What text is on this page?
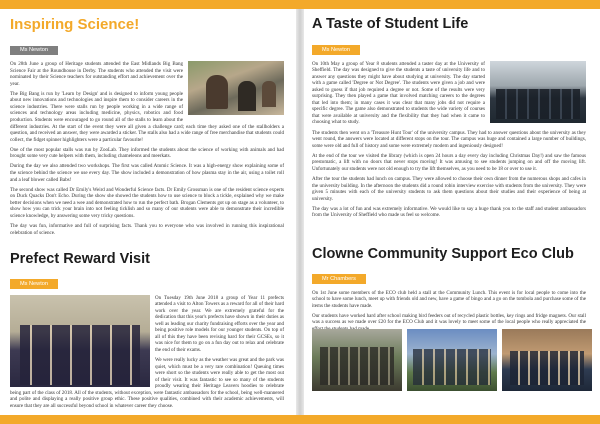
Inspiring Science!
Ms Newton

On 28th June a group of Heritage students attended the East Midlands Big Bang Science Fair at the Roundhouse in Derby. The students who attended the visit were nominated by their Science teachers for outstanding effort and achievement over the year.

The Big Bang is run by 'Learn by Design' and is designed to inform young people about new innovations and technologies and inspire them to consider careers in the science industries. There were stalls run by people working in a wide range of sciences and technology areas including medicine, physics, robotics and food production. Students were encouraged to go round all of the stalls to learn about the different industries. At the start of the event they were all given a challenge card; each time they asked one of the stallholders a question, and received an answer, they were awarded a sticker. The stalls also had a wide range of free merchandise that students could collect, the fidget spinner highlighters were a particular favourite!

One of the most popular stalls was run by ZooLab. They informed the students about the science of working with animals and had brought some very cute helpers with them, including chameleons and meerkats.

During the day we also attended two workshops. The first was called Atomic Science. It was a high-energy show explaining some of the science behind the science we use every day. The show included a demonstration of how plasma stay in the air, using a toilet roll and a leaf blower called Babs!

The second show was called Dr Emily's Weird and Wonderful Science facts. Dr Emily Grossman is one of the resident science experts on Duck Quacks Don't Echo. During the show she showed the students how to use science to block a tickle, explained why we make better decisions when we need a wee and demonstrated how to run the perfect bath. Brogan Clements got up on stage as a volunteer, to show how you can trick your brain into not feeling ticklish and so many of our students were able to demonstrate their incredible science knowledge, by answering some very tricky questions.

The day was fun, informative and full of surprising facts. Thank you to everyone who was involved in running this inspirational celebration of science.

Prefect Reward Visit
Ms Newton

On Tuesday 19th June 2018 a group of Year 11 prefects attended a visit to Alton Towers as a reward for all of their hard work over the year. We are extremely grateful for the dedication that this year's prefects have shown in their duties as well as leading our charity fundraising efforts over the year and being positive role models for our younger students. On top of all of this they have been revising hard for their GCSEs, so it was nice for them to go on a fun day out to relax and celebrate the end of their exams.

We were really lucky as the weather was great and the park was quiet, which must be a very rare combination! Queuing times were short so the students were really able to get the most out of their visit. It was fantastic to see so many of the students proudly wearing their Heritage Leavers hoodies to celebrate being part of the class of 2018. All of the students, without exception, were fantastic ambassadors for the school, being well-mannered and polite and displaying a really positive group ethic. These positive qualities, combined with their academic achievements, will ensure that they are all successful beyond school in whatever career they choose.

A Taste of Student Life
Ms Newton

On 10th May a group of Year 8 students attended a taster day at the University of Sheffield. The day was designed to give the students a taste of university life and to answer any questions they might have about studying at university. The day started with a game called 'Degree or Not Degree'. The students were given a job and were asked to guess if that job required a degree or not. Some of the results were very surprising. They then played a game that involved matching careers to the degrees that led into them; in many cases it was clear that many jobs did not require a specific degree. The game also demonstrated to students the wide variety of courses that were available at university and the flexibility that they had when it came to choosing what to study.

The students then went on a 'Treasure Hunt Tour' of the university campus. They had to answer questions about the university as they went round, the answers were located at different stops on the tour. The campus was huge and contained a large number of buildings, some were old and full of history and some were extremely modern and ingeniously designed!

At the end of the tour we visited the library (which is open 24 hours a day every day including Christmas Day!) and saw the famous prestomatic, a lift with no doors that never stops moving! It was amusing to see students jumping on and off the moving lift. Unfortunately our students were not old enough to try the lift themselves, as you need to be 18 or over to use it.

After the tour the students had lunch on campus. They were allowed to choose their own dinner from the numerous shops and cafes in the university building. In the afternoon the students did a round robin interview exercise with students from the university. They were given 5 minutes with each of the university students to ask them questions about their studies and their experience of being at university.

The day was a lot of fun and was extremely informative. We would like to say a huge thank you to the staff and student ambassadors from the University of Sheffield who made us feel so welcome.

Clowne Community Support Eco Club
Mr Chambers

On 1st June some members of the ECO club held a stall at the Community Lunch. This event is for local people to come into the school to have some lunch, meet up with friends old and new, have a game of bingo and a go on the tombola and purchase some of the items the students have made.

Our students have worked hard after school making bird feeders out of recycled plastic bottles, key rings and fridge magnets. Our stall was a success as we made over £20 for the ECO Club and it was lovely to meet some of the local people who really appreciated the
